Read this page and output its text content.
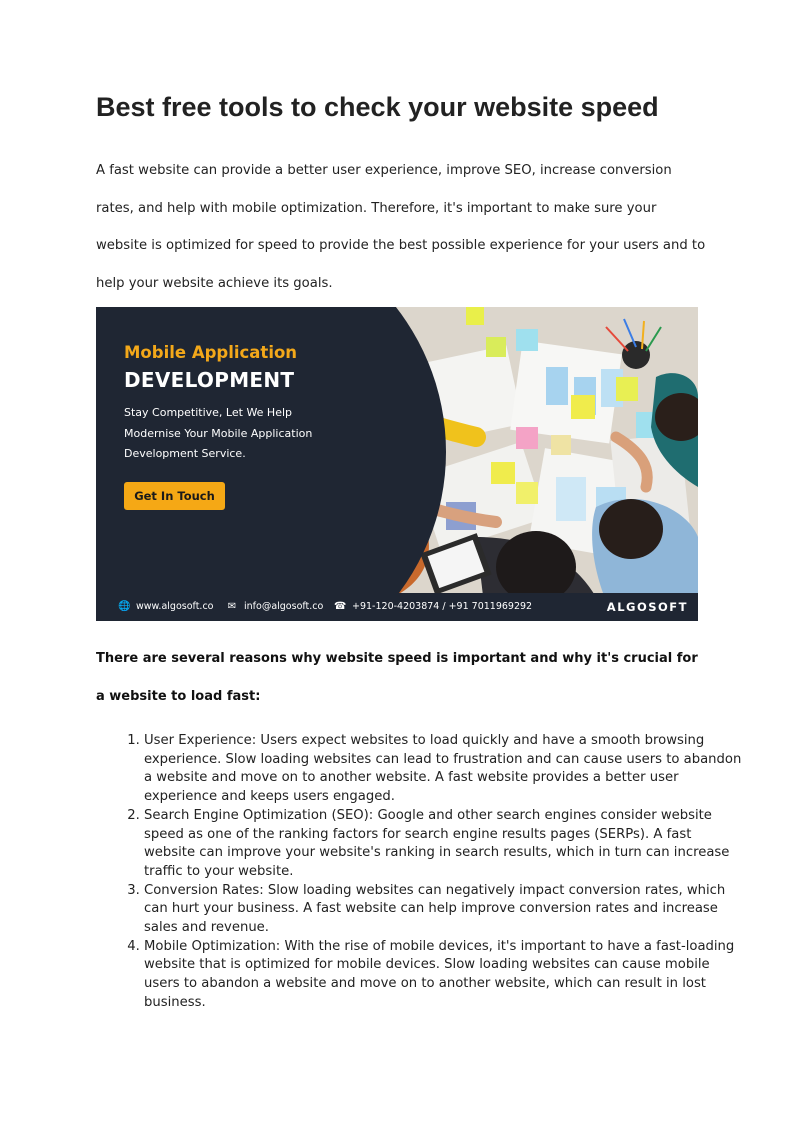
Best free tools to check your website speed

A fast website can provide a better user experience, improve SEO, increase conversion rates, and help with mobile optimization. Therefore, it's important to make sure your website is optimized for speed to provide the best possible experience for your users and to help your website achieve its goals.

Mobile Application
DEVELOPMENT
Stay Competitive, Let We Help Modernise Your Mobile Application Development Service.
Get In Touch
🌐 www.algosoft.co ✉ info@algosoft.co ☎ +91-120-4203874 / +91 7011969292	ALGOSOFT
There are several reasons why website speed is important and why it's crucial for a website to load fast:
1. User Experience: Users expect websites to load quickly and have a smooth browsing experience. Slow loading websites can lead to frustration and can cause users to abandon a website and move on to another website. A fast website provides a better user experience and keeps users engaged.
2. Search Engine Optimization (SEO): Google and other search engines consider website speed as one of the ranking factors for search engine results pages (SERPs). A fast website can improve your website's ranking in search results, which in turn can increase traffic to your website.
3. Conversion Rates: Slow loading websites can negatively impact conversion rates, which can hurt your business. A fast website can help improve conversion rates and increase sales and revenue.
4. Mobile Optimization: With the rise of mobile devices, it's important to have a fast-loading website that is optimized for mobile devices. Slow loading websites can cause mobile users to abandon a website and move on to another website, which can result in lost business.
